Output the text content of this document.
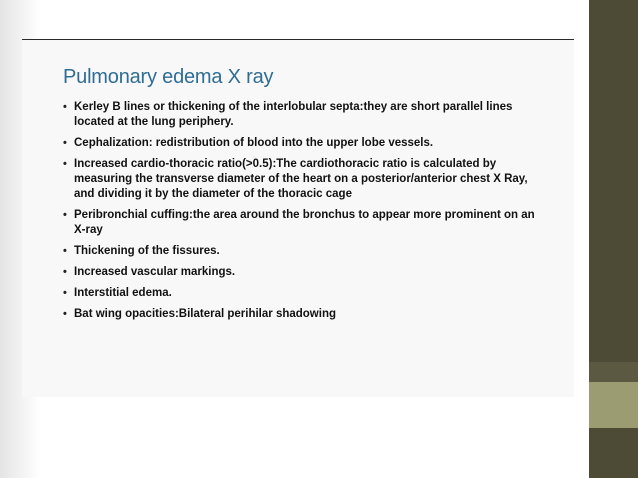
Pulmonary edema X ray
• Kerley B lines or thickening of the interlobular septa:they are short parallel lines located at the lung periphery.
• Cephalization: redistribution of blood into the upper lobe vessels.
• Increased cardio-thoracic ratio(>0.5):The cardiothoracic ratio is calculated by measuring the transverse diameter of the heart on a posterior/anterior chest X Ray, and dividing it by the diameter of the thoracic cage
• Peribronchial cuffing:the area around the bronchus to appear more prominent on an X-ray
• Thickening of the fissures.
• Increased vascular markings.
• Interstitial edema.
• Bat wing opacities:Bilateral perihilar shadowing
